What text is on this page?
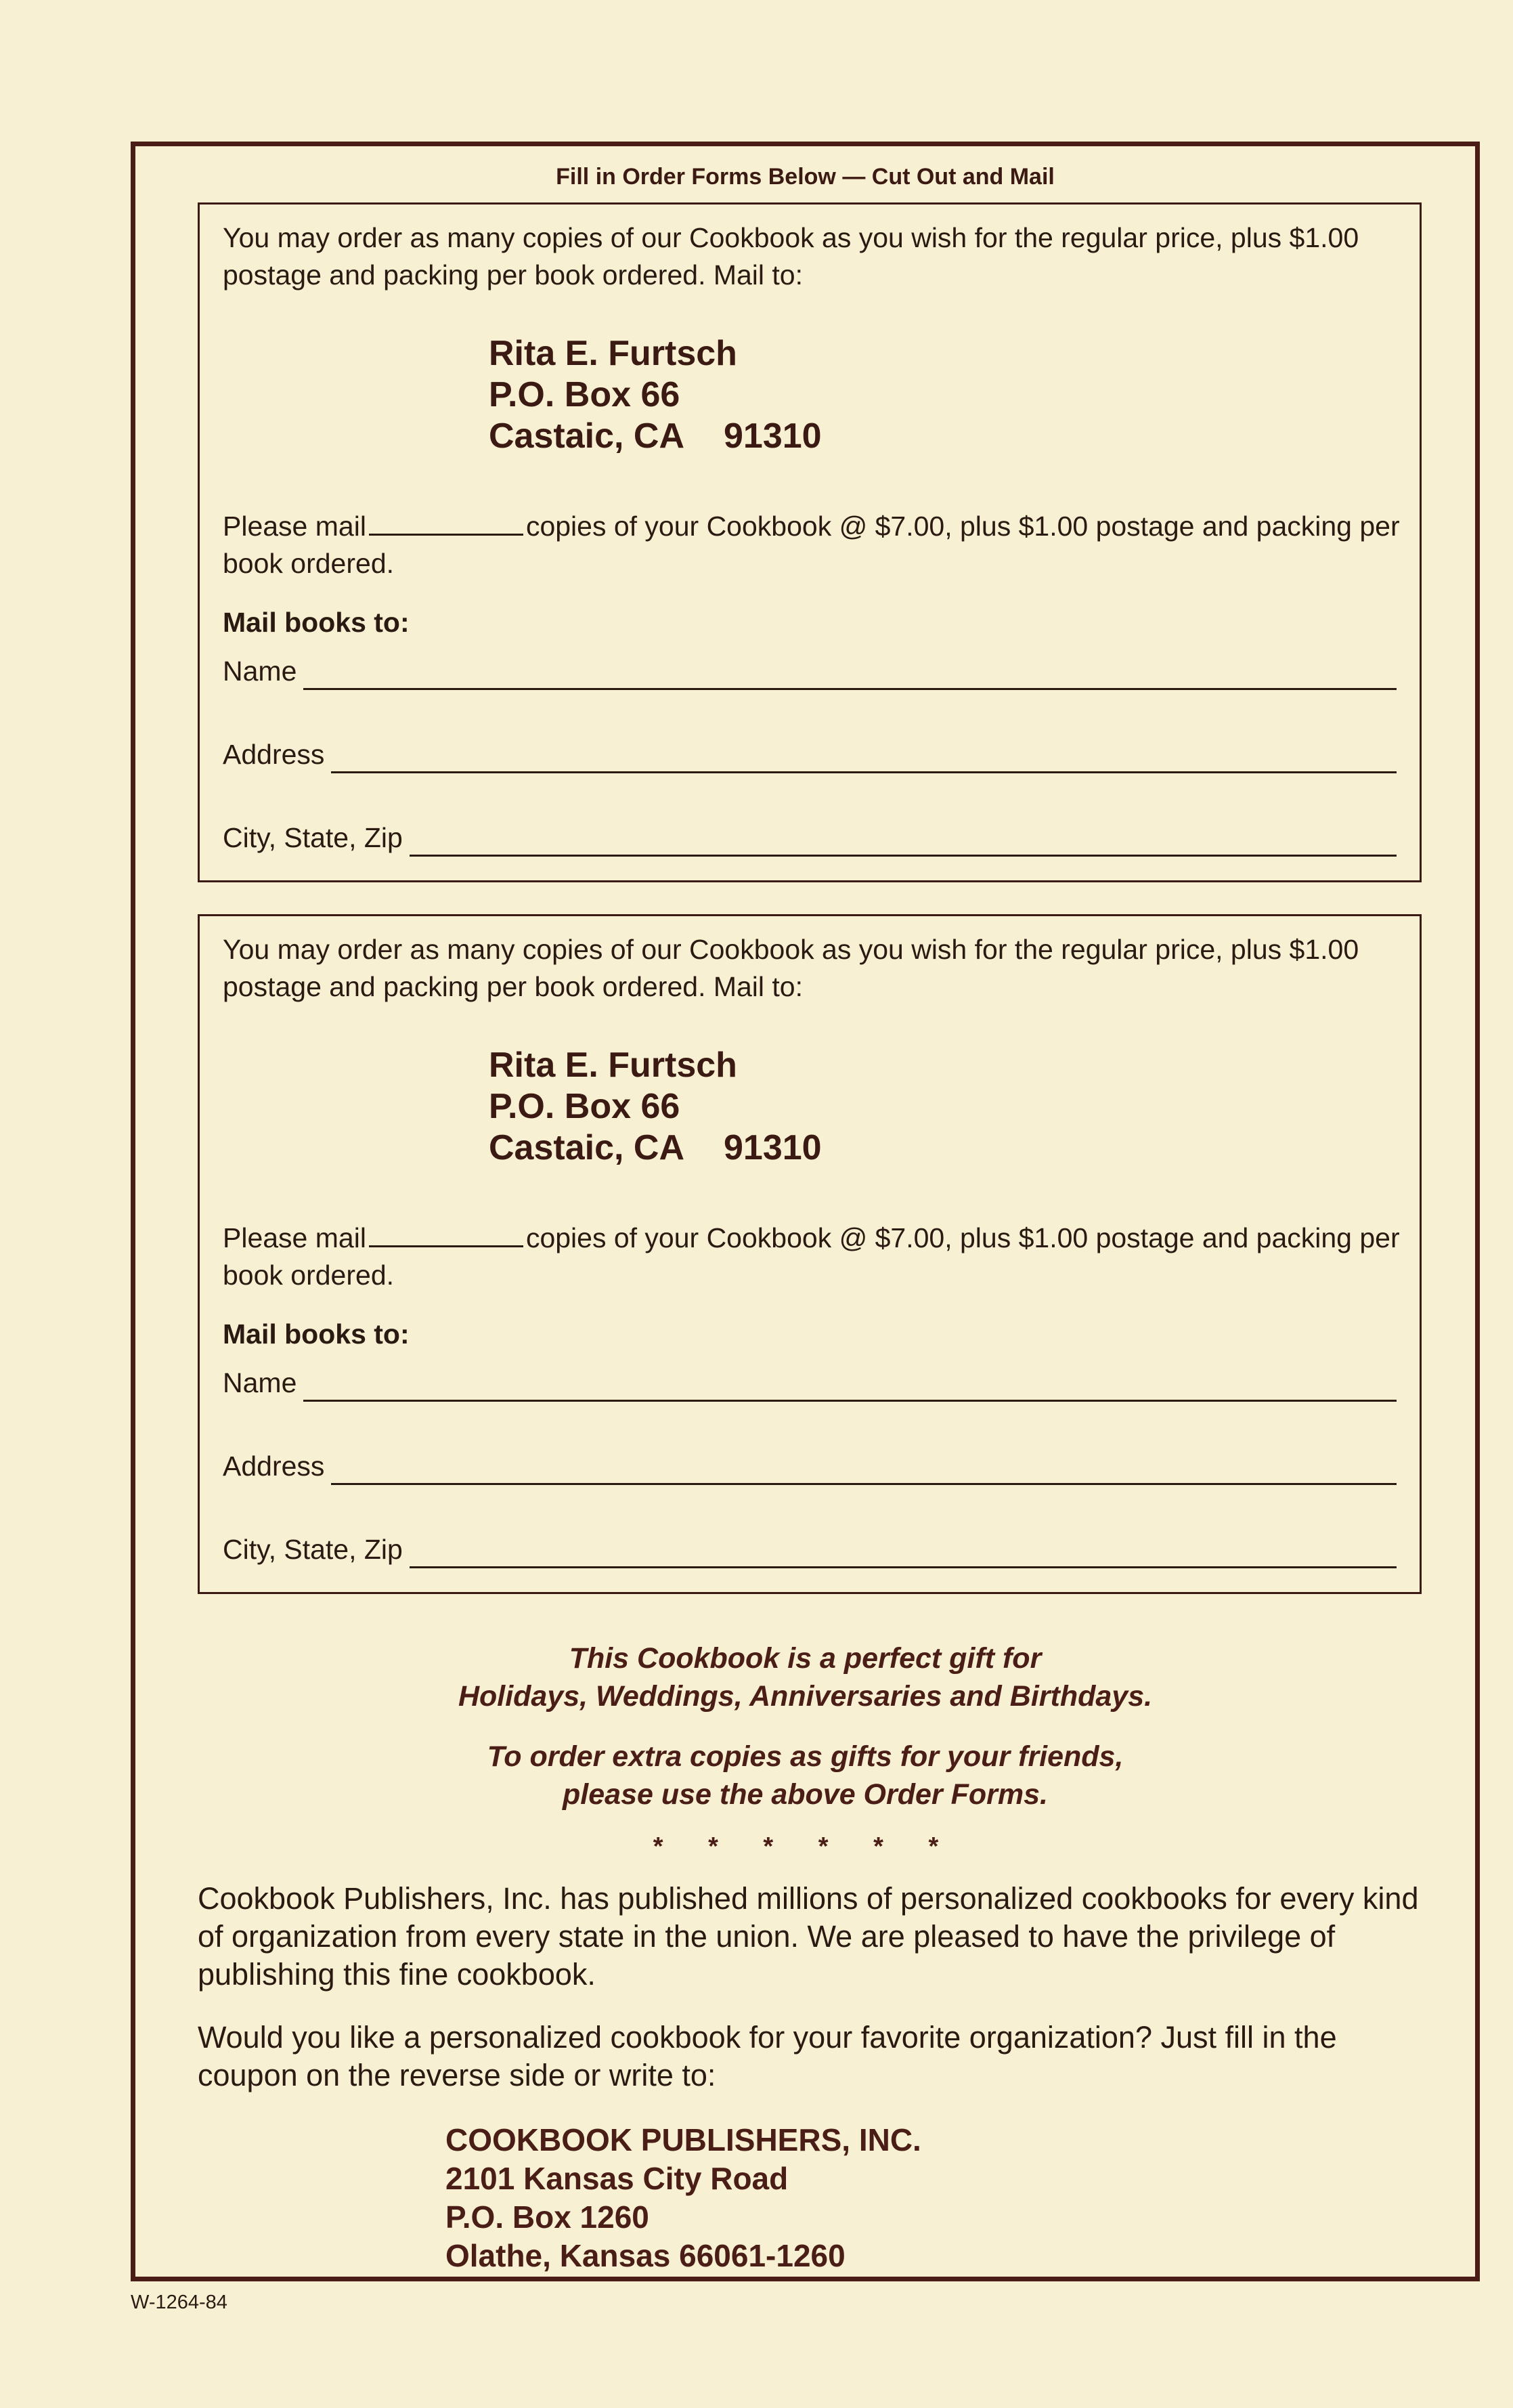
Fill in Order Forms Below — Cut Out and Mail
You may order as many copies of our Cookbook as you wish for the regular price, plus $1.00 postage and packing per book ordered. Mail to:
Rita E. Furtsch
P.O. Box 66
Castaic, CA 91310
Please mail	copies of your Cookbook @ $7.00, plus $1.00 postage and packing per book ordered.
Mail books to:
Name
Address
City, State, Zip
You may order as many copies of our Cookbook as you wish for the regular price, plus $1.00 postage and packing per book ordered. Mail to:
Rita E. Furtsch
P.O. Box 66
Castaic, CA 91310
Please mail	copies of your Cookbook @ $7.00, plus $1.00 postage and packing per book ordered.
Mail books to:
Name
Address
City, State, Zip
This Cookbook is a perfect gift for
Holidays, Weddings, Anniversaries and Birthdays.
To order extra copies as gifts for your friends,
please use the above Order Forms.
* * * * * *
Cookbook Publishers, Inc. has published millions of personalized cookbooks for every kind of organization from every state in the union. We are pleased to have the privilege of publishing this fine cookbook.
Would you like a personalized cookbook for your favorite organization? Just fill in the coupon on the reverse side or write to:
COOKBOOK PUBLISHERS, INC.
2101 Kansas City Road
P.O. Box 1260
Olathe, Kansas 66061-1260
W-1264-84
